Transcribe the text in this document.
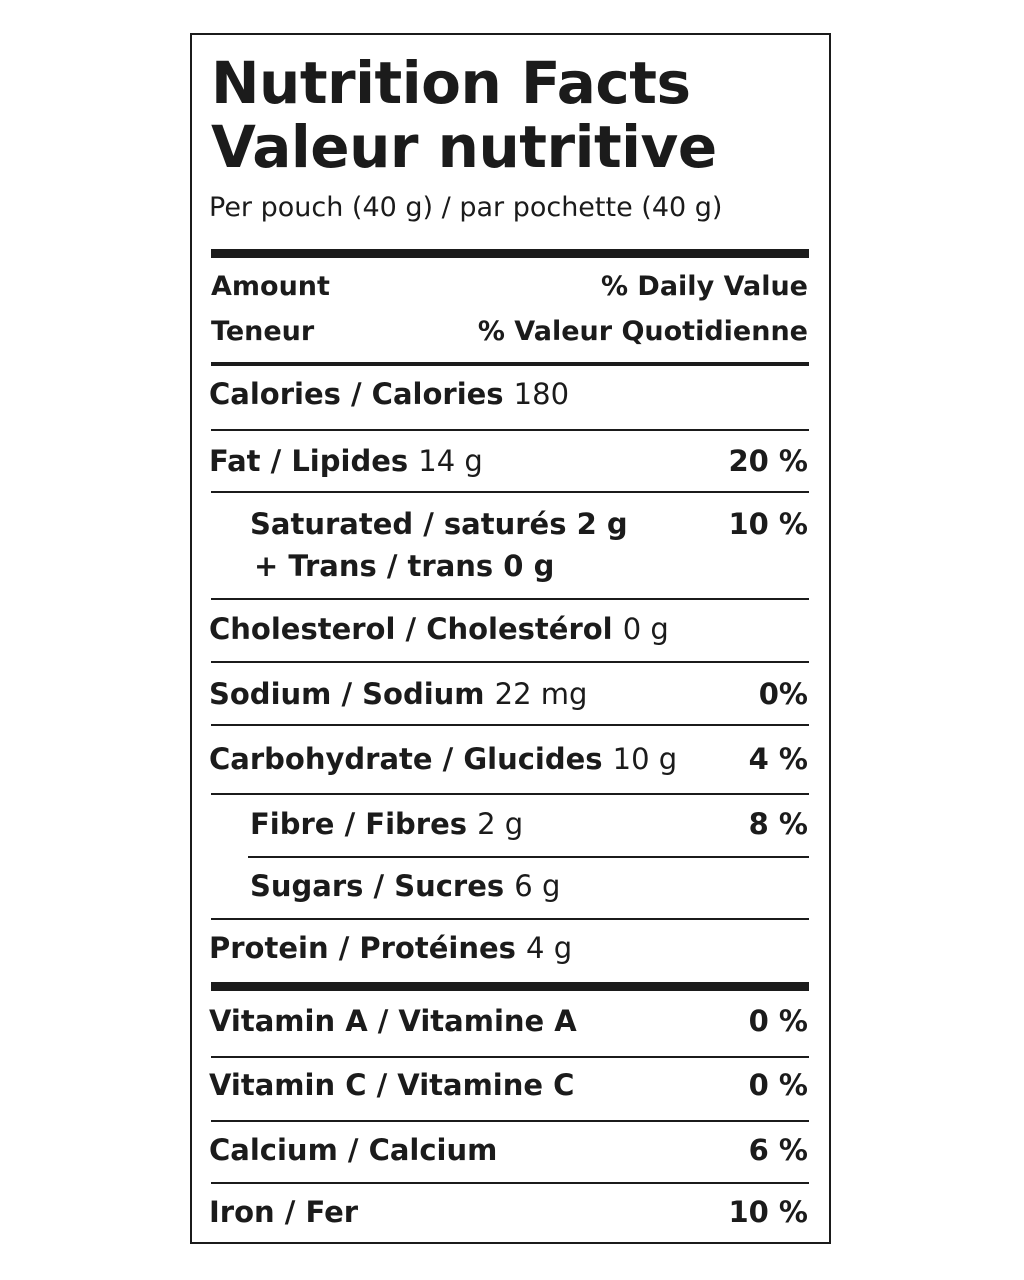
Nutrition Facts
Valeur nutritive
Per pouch (40 g) / par pochette (40 g)
Amount	% Daily Value
Teneur	% Valeur Quotidienne
Calories / Calories 180
Fat / Lipides 14 g	20 %
Saturated / saturés 2 g	10 %
+ Trans / trans 0 g
Cholesterol / Cholestérol 0 g
Sodium / Sodium 22 mg	0%
Carbohydrate / Glucides 10 g 4 %
Fibre / Fibres 2 g	8 %
Sugars / Sucres 6 g
Protein / Protéines 4 g
Vitamin A / Vitamine A	0 %
Vitamin C / Vitamine C	0 %
Calcium / Calcium	6 %
Iron / Fer	10 %
